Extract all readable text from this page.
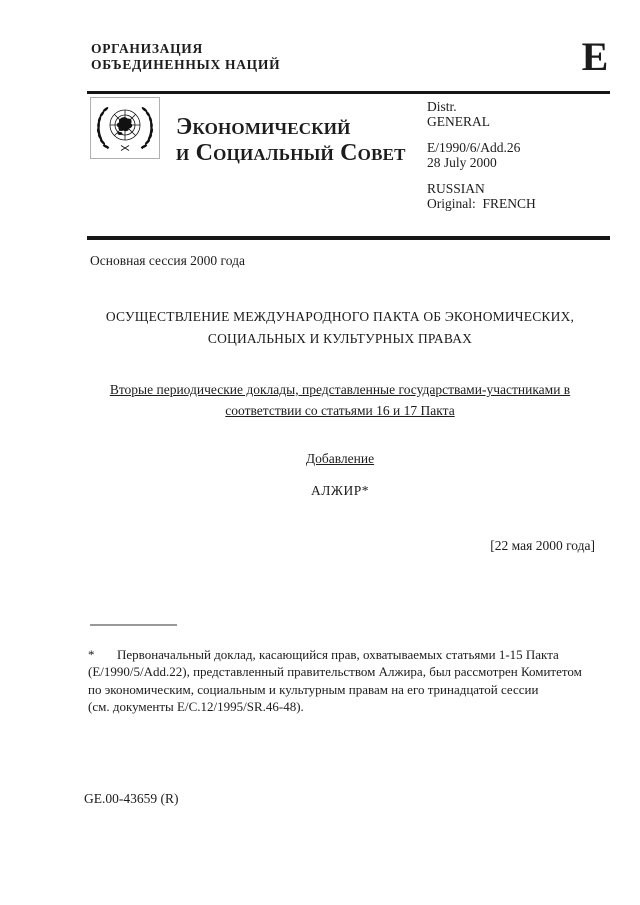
ОРГАНИЗАЦИЯ
ОБЪЕДИНЕННЫХ НАЦИЙ	E
Экономический
и Социальный Совет
Distr.
GENERAL
E/1990/6/Add.26
28 July 2000
RUSSIAN
Original:  FRENCH
Основная сессия 2000 года
ОСУЩЕСТВЛЕНИЕ МЕЖДУНАРОДНОГО ПАКТА ОБ ЭКОНОМИЧЕСКИХ,
СОЦИАЛЬНЫХ И КУЛЬТУРНЫХ ПРАВАХ
Вторые периодические доклады, представленные государствами-участниками в
соответствии со статьями 16 и 17 Пакта
Добавление
АЛЖИР*
[22 мая 2000 года]
* Первоначальный доклад, касающийся прав, охватываемых статьями 1-15 Пакта
(E/1990/5/Add.22), представленный правительством Алжира, был рассмотрен Комитетом
по экономическим, социальным и культурным правам на его тринадцатой сессии
(см. документы E/C.12/1995/SR.46-48).
GE.00-43659 (R)
